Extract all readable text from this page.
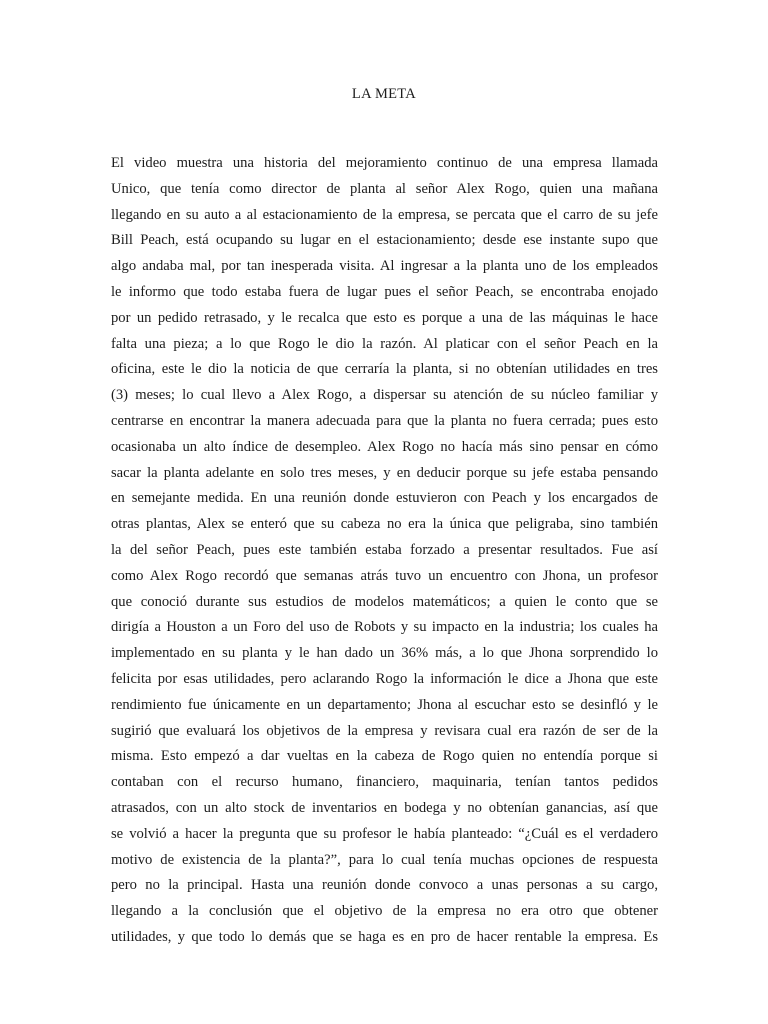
LA META
El video muestra una historia del mejoramiento continuo de una empresa llamada
Unico, que tenía como director de planta al señor Alex Rogo, quien una mañana
llegando en su auto a al estacionamiento de la empresa, se percata que el carro de su jefe
Bill Peach, está ocupando su lugar en el estacionamiento; desde ese instante supo que
algo andaba mal, por tan inesperada visita. Al ingresar a la planta uno de los empleados
le informo que todo estaba fuera de lugar pues el señor Peach, se encontraba enojado
por un pedido retrasado, y le recalca que esto es porque a una de las máquinas le hace
falta una pieza; a lo que Rogo le dio la razón. Al platicar con el señor Peach en la
oficina, este le dio la noticia de que cerraría la planta, si no obtenían utilidades en tres
(3) meses; lo cual llevo a Alex Rogo, a dispersar su atención de su núcleo familiar y
centrarse en encontrar la manera adecuada para que la planta no fuera cerrada; pues esto
ocasionaba un alto índice de desempleo. Alex Rogo no hacía más sino pensar en cómo
sacar la planta adelante en solo tres meses, y en deducir porque su jefe estaba pensando
en semejante medida. En una reunión donde estuvieron con Peach y los encargados de
otras plantas, Alex se enteró que su cabeza no era la única que peligraba, sino también
la del señor Peach, pues este también estaba forzado a presentar resultados. Fue así
como Alex Rogo recordó que semanas atrás tuvo un encuentro con Jhona, un profesor
que conoció durante sus estudios de modelos matemáticos; a quien le conto que se
dirigía a Houston a un Foro del uso de Robots y su impacto en la industria; los cuales ha
implementado en su planta y le han dado un 36% más, a lo que Jhona sorprendido lo
felicita por esas utilidades, pero aclarando Rogo la información le dice a Jhona que este
rendimiento fue únicamente en un departamento; Jhona al escuchar esto se desinfló y le
sugirió que evaluará los objetivos de la empresa y revisara cual era razón de ser de la
misma. Esto empezó a dar vueltas en la cabeza de Rogo quien no entendía porque si
contaban con el recurso humano, financiero, maquinaria, tenían tantos pedidos
atrasados, con un alto stock de inventarios en bodega y no obtenían ganancias, así que
se volvió a hacer la pregunta que su profesor le había planteado: “¿Cuál es el verdadero
motivo de existencia de la planta?”, para lo cual tenía muchas opciones de respuesta
pero no la principal. Hasta una reunión donde convoco a unas personas a su cargo,
llegando a la conclusión que el objetivo de la empresa no era otro que obtener
utilidades, y que todo lo demás que se haga es en pro de hacer rentable la empresa. Es
